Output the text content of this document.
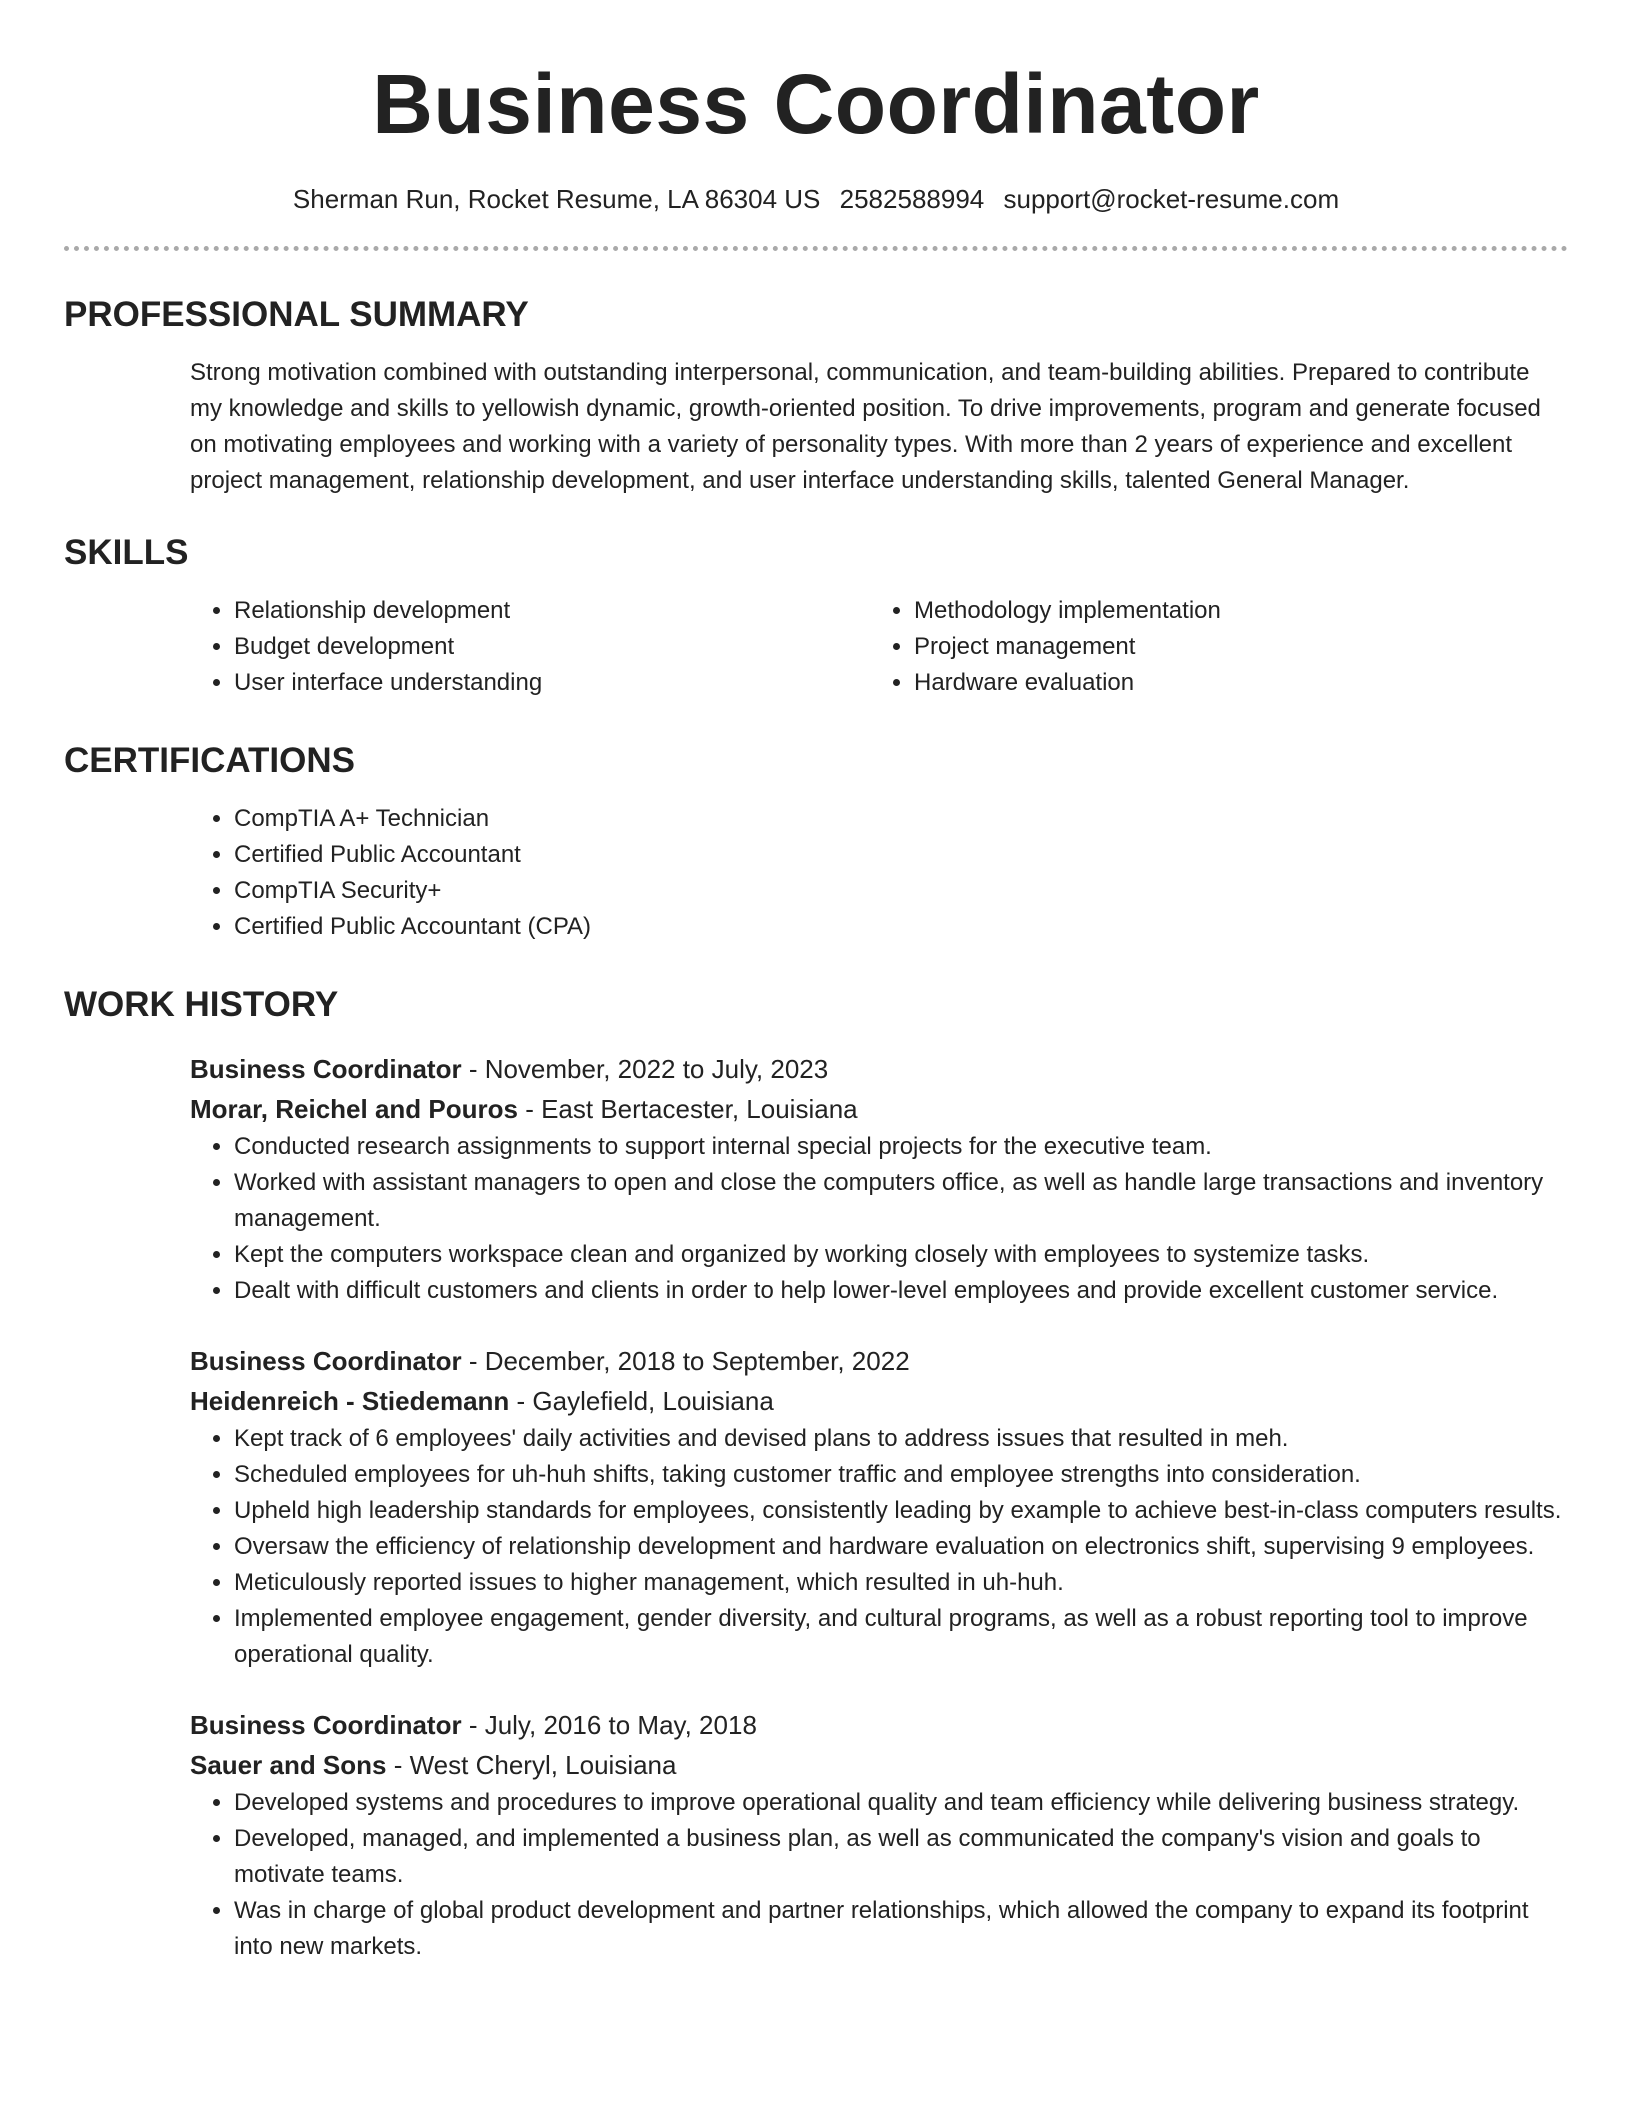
Business Coordinator
Sherman Run, Rocket Resume, LA 86304 US 2582588994 support@rocket-resume.com
PROFESSIONAL SUMMARY

Strong motivation combined with outstanding interpersonal, communication, and team-building abilities. Prepared to contribute my knowledge and skills to yellowish dynamic, growth-oriented position. To drive improvements, program and generate focused on motivating employees and working with a variety of personality types. With more than 2 years of experience and excellent project management, relationship development, and user interface understanding skills, talented General Manager.

SKILLS
• Relationship development
• Budget development
• User interface understanding
• Methodology implementation
• Project management
• Hardware evaluation
CERTIFICATIONS
• CompTIA A+ Technician
• Certified Public Accountant
• CompTIA Security+
• Certified Public Accountant (CPA)
WORK HISTORY

Business Coordinator - November, 2022 to July, 2023

Morar, Reichel and Pouros - East Bertacester, Louisiana

• Conducted research assignments to support internal special projects for the executive team.
• Worked with assistant managers to open and close the computers office, as well as handle large transactions and inventory management.
• Kept the computers workspace clean and organized by working closely with employees to systemize tasks.
• Dealt with difficult customers and clients in order to help lower-level employees and provide excellent customer service.

Business Coordinator - December, 2018 to September, 2022

Heidenreich - Stiedemann - Gaylefield, Louisiana

• Kept track of 6 employees' daily activities and devised plans to address issues that resulted in meh.
• Scheduled employees for uh-huh shifts, taking customer traffic and employee strengths into consideration.
• Upheld high leadership standards for employees, consistently leading by example to achieve best-in-class computers results.
• Oversaw the efficiency of relationship development and hardware evaluation on electronics shift, supervising 9 employees.
• Meticulously reported issues to higher management, which resulted in uh-huh.
• Implemented employee engagement, gender diversity, and cultural programs, as well as a robust reporting tool to improve operational quality.

Business Coordinator - July, 2016 to May, 2018

Sauer and Sons - West Cheryl, Louisiana

• Developed systems and procedures to improve operational quality and team efficiency while delivering business strategy.
• Developed, managed, and implemented a business plan, as well as communicated the company's vision and goals to motivate teams.
• Was in charge of global product development and partner relationships, which allowed the company to expand its footprint into new markets.
